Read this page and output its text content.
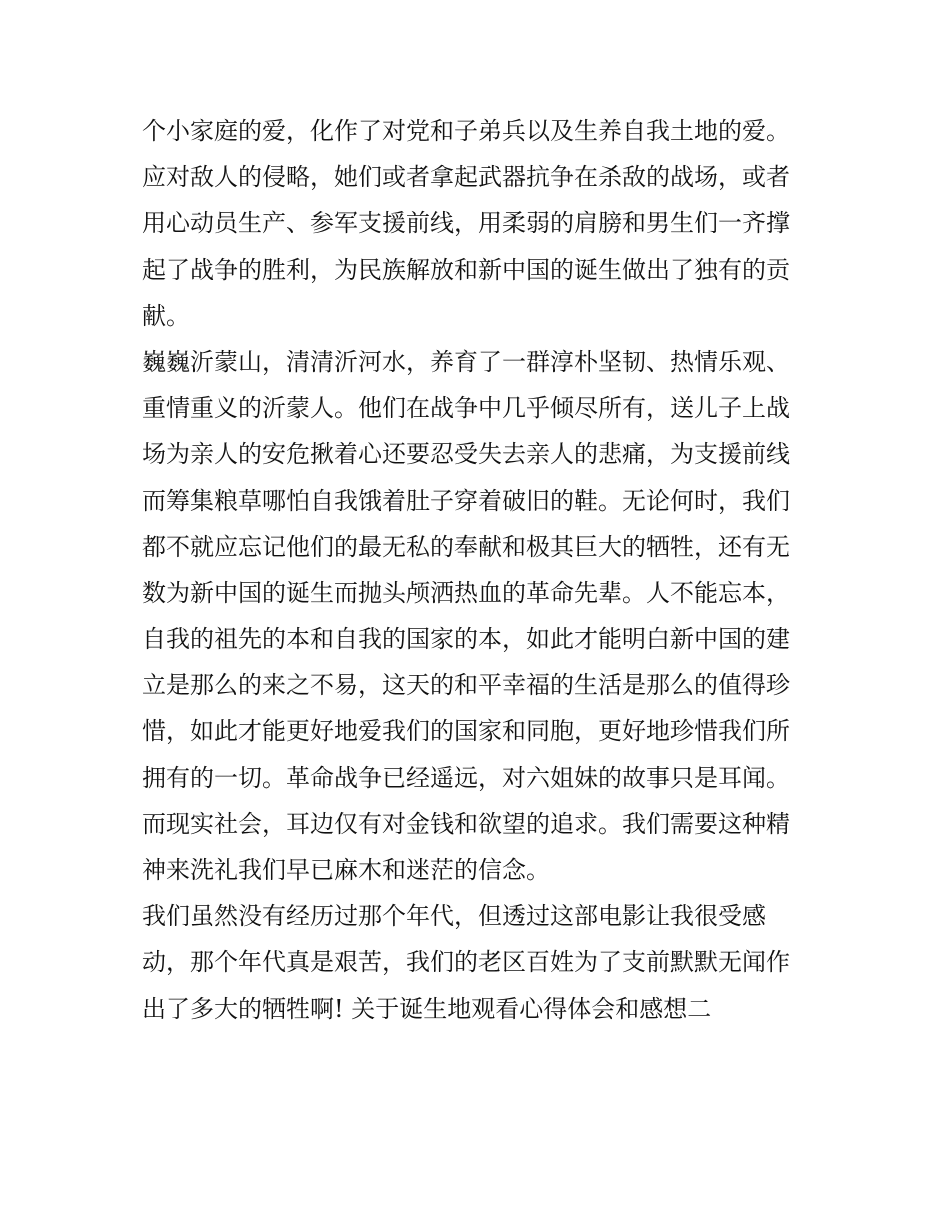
个小家庭的爱，化作了对党和子弟兵以及生养自我土地的爱。
应对敌人的侵略，她们或者拿起武器抗争在杀敌的战场，或者
用心动员生产、参军支援前线，用柔弱的肩膀和男生们一齐撑
起了战争的胜利，为民族解放和新中国的诞生做出了独有的贡
献。
巍巍沂蒙山，清清沂河水，养育了一群淳朴坚韧、热情乐观、
重情重义的沂蒙人。他们在战争中几乎倾尽所有，送儿子上战
场为亲人的安危揪着心还要忍受失去亲人的悲痛，为支援前线
而筹集粮草哪怕自我饿着肚子穿着破旧的鞋。无论何时，我们
都不就应忘记他们的最无私的奉献和极其巨大的牺牲，还有无
数为新中国的诞生而抛头颅洒热血的革命先辈。人不能忘本，
自我的祖先的本和自我的国家的本，如此才能明白新中国的建
立是那么的来之不易，这天的和平幸福的生活是那么的值得珍
惜，如此才能更好地爱我们的国家和同胞，更好地珍惜我们所
拥有的一切。革命战争已经遥远，对六姐妹的故事只是耳闻。
而现实社会，耳边仅有对金钱和欲望的追求。我们需要这种精
神来洗礼我们早已麻木和迷茫的信念。
我们虽然没有经历过那个年代，但透过这部电影让我很受感
动，那个年代真是艰苦，我们的老区百姓为了支前默默无闻作
出了多大的牺牲啊! 关于诞生地观看心得体会和感想二
